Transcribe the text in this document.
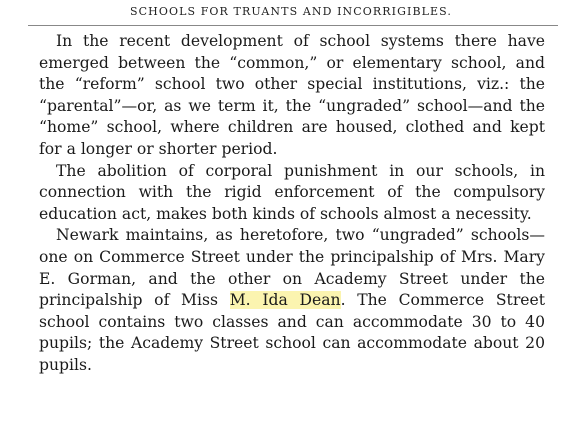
SCHOOLS FOR TRUANTS AND INCORRIGIBLES.

In the recent development of school systems there have emerged between the “common,” or elementary school, and the “reform” school two other special institutions, viz.: the “parental”—or, as we term it, the “ungraded” school—and the “home” school, where children are housed, clothed and kept for a longer or shorter period.

The abolition of corporal punishment in our schools, in connection with the rigid enforcement of the compulsory education act, makes both kinds of schools almost a necessity.

Newark maintains, as heretofore, two “ungraded” schools—one on Commerce Street under the principalship of Mrs. Mary E. Gorman, and the other on Academy Street under the principalship of Miss M. Ida Dean. The Commerce Street school contains two classes and can accommodate 30 to 40 pupils; the Academy Street school can accommodate about 20 pupils.
